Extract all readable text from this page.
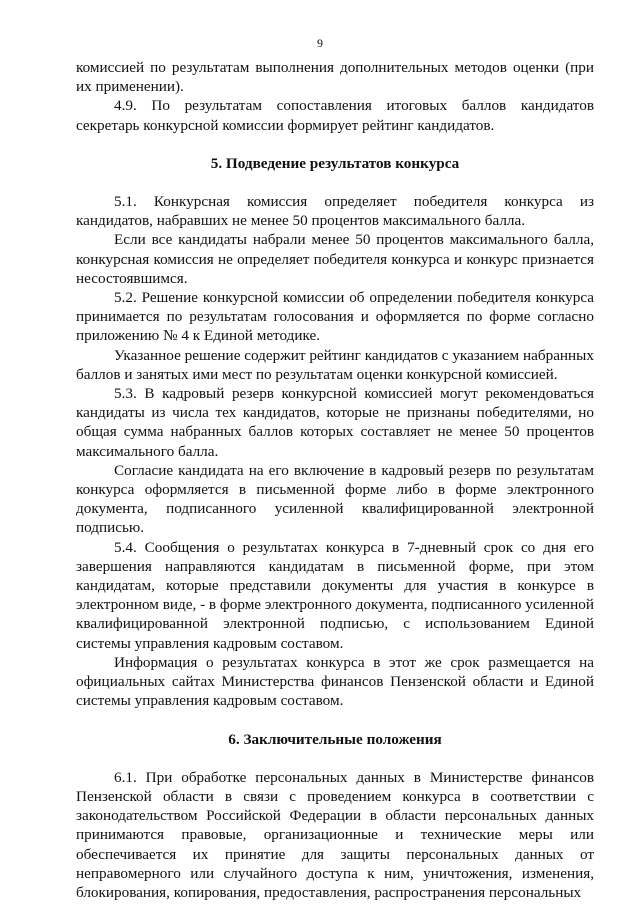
9

комиссией по результатам выполнения дополнительных методов оценки (при их применении).

4.9. По результатам сопоставления итоговых баллов кандидатов секретарь конкурсной комиссии формирует рейтинг кандидатов.

5. Подведение результатов конкурса

5.1. Конкурсная комиссия определяет победителя конкурса из кандидатов, набравших не менее 50 процентов максимального балла.

Если все кандидаты набрали менее 50 процентов максимального балла, конкурсная комиссия не определяет победителя конкурса и конкурс признается несостоявшимся.

5.2. Решение конкурсной комиссии об определении победителя конкурса принимается по результатам голосования и оформляется по форме согласно приложению № 4 к Единой методике.

Указанное решение содержит рейтинг кандидатов с указанием набранных баллов и занятых ими мест по результатам оценки конкурсной комиссией.

5.3. В кадровый резерв конкурсной комиссией могут рекомендоваться кандидаты из числа тех кандидатов, которые не признаны победителями, но общая сумма набранных баллов которых составляет не менее 50 процентов максимального балла.

Согласие кандидата на его включение в кадровый резерв по результатам конкурса оформляется в письменной форме либо в форме электронного документа, подписанного усиленной квалифицированной электронной подписью.

5.4. Сообщения о результатах конкурса в 7-дневный срок со дня его завершения направляются кандидатам в письменной форме, при этом кандидатам, которые представили документы для участия в конкурсе в электронном виде, - в форме электронного документа, подписанного усиленной квалифицированной электронной подписью, с использованием Единой системы управления кадровым составом.

Информация о результатах конкурса в этот же срок размещается на официальных сайтах Министерства финансов Пензенской области и Единой системы управления кадровым составом.

6. Заключительные положения

6.1. При обработке персональных данных в Министерстве финансов Пензенской области в связи с проведением конкурса в соответствии с законодательством Российской Федерации в области персональных данных принимаются правовые, организационные и технические меры или обеспечивается их принятие для защиты персональных данных от неправомерного или случайного доступа к ним, уничтожения, изменения, блокирования, копирования, предоставления, распространения персональных
